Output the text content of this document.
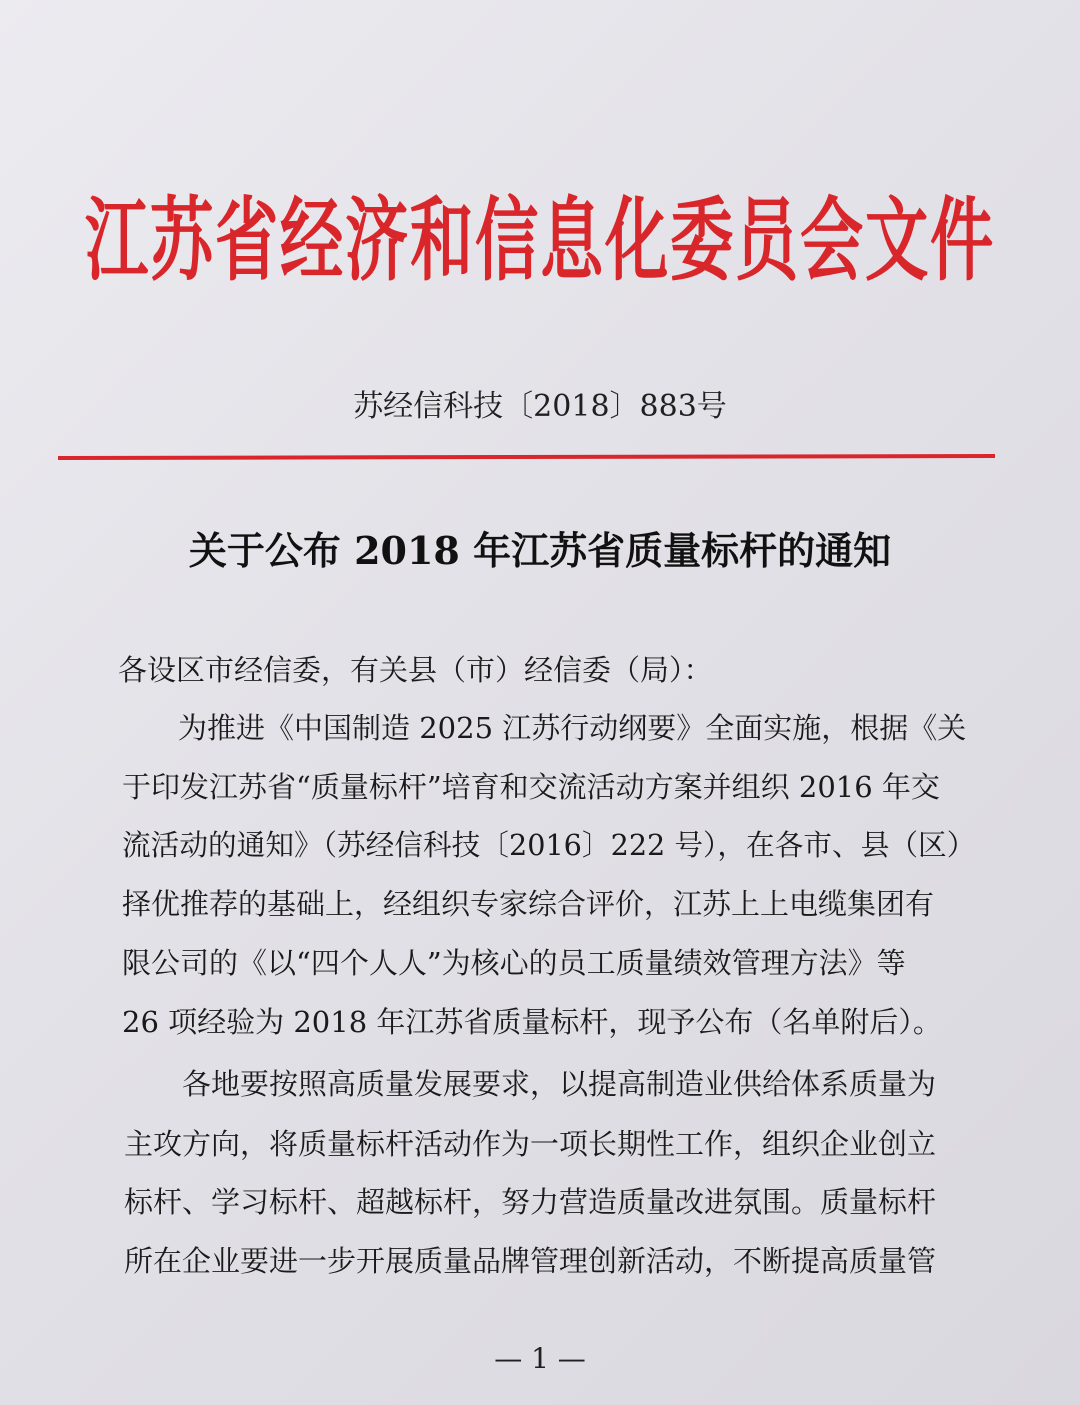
江苏省经济和信息化委员会文件
苏经信科技〔2018〕883号
关于公布 2018 年江苏省质量标杆的通知
各设区市经信委，有关县（市）经信委（局）：
为推进《中国制造 2025 江苏行动纲要》全面实施，根据《关
于印发江苏省“质量标杆”培育和交流活动方案并组织 2016 年交
流活动的通知》（苏经信科技〔2016〕222 号），在各市、县（区）
择优推荐的基础上，经组织专家综合评价，江苏上上电缆集团有
限公司的《以“四个人人”为核心的员工质量绩效管理方法》等
26 项经验为 2018 年江苏省质量标杆，现予公布（名单附后）。
各地要按照高质量发展要求，以提高制造业供给体系质量为
主攻方向，将质量标杆活动作为一项长期性工作，组织企业创立
标杆、学习标杆、超越标杆，努力营造质量改进氛围。质量标杆
所在企业要进一步开展质量品牌管理创新活动，不断提高质量管
— 1 —
